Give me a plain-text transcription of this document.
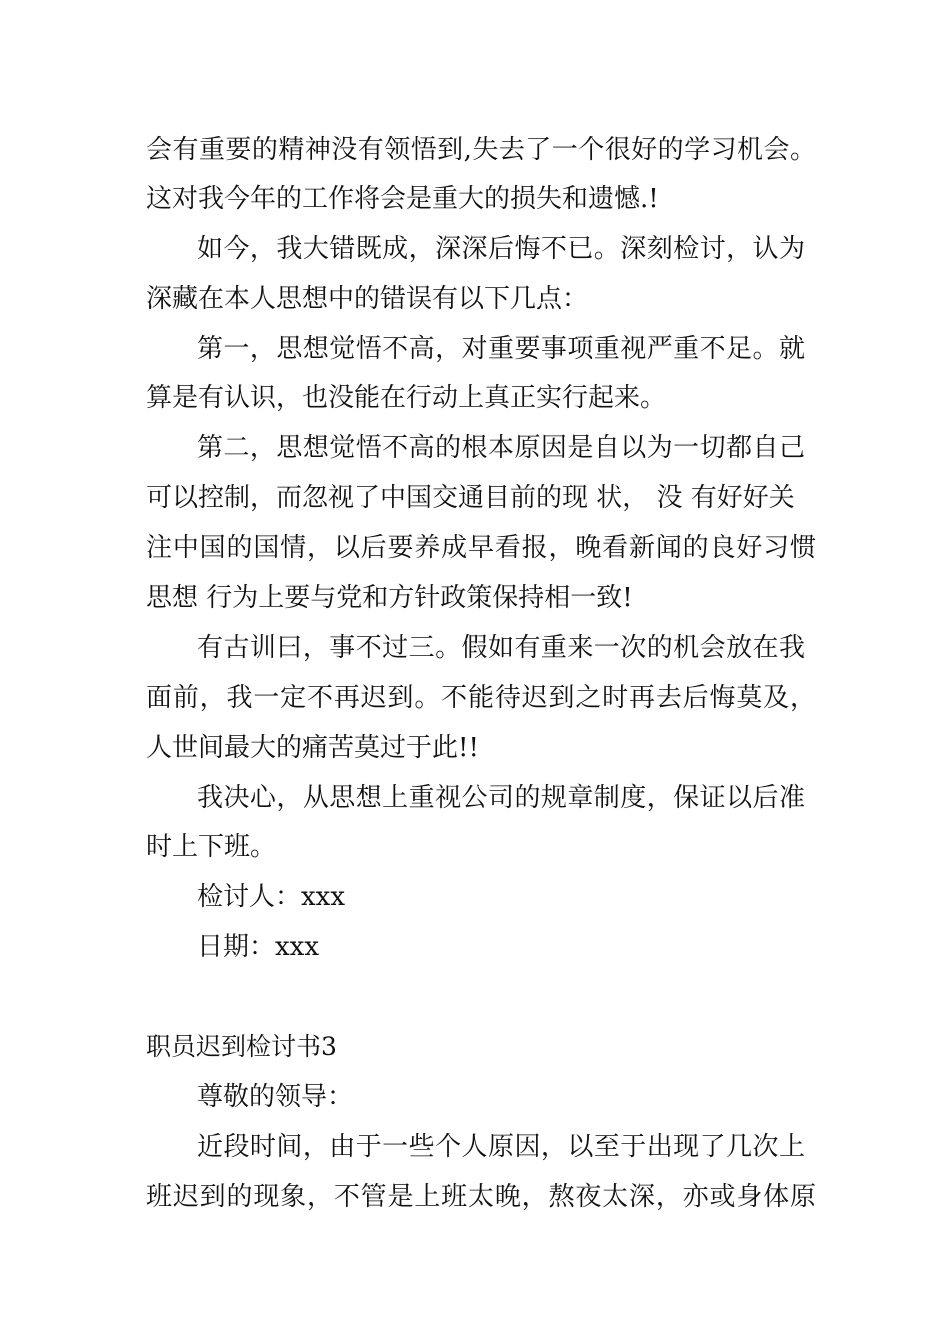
会有重要的精神没有领悟到,失去了一个很好的学习机会。
这对我今年的工作将会是重大的损失和遗憾.!
如今，我大错既成，深深后悔不已。深刻检讨，认为
深藏在本人思想中的错误有以下几点：
第一，思想觉悟不高，对重要事项重视严重不足。就
算是有认识，也没能在行动上真正实行起来。
第二，思想觉悟不高的根本原因是自以为一切都自己
可以控制，而忽视了中国交通目前的现 状， 没 有好好关
注中国的国情，以后要养成早看报，晚看新闻的良好习惯
思想 行为上要与党和方针政策保持相一致!
有古训曰，事不过三。假如有重来一次的机会放在我
面前，我一定不再迟到。不能待迟到之时再去后悔莫及，
人世间最大的痛苦莫过于此!!
我决心，从思想上重视公司的规章制度，保证以后准
时上下班。
检讨人：xxx
日期：xxx
职员迟到检讨书3
尊敬的领导：
近段时间，由于一些个人原因，以至于出现了几次上
班迟到的现象，不管是上班太晚，熬夜太深，亦或身体原
